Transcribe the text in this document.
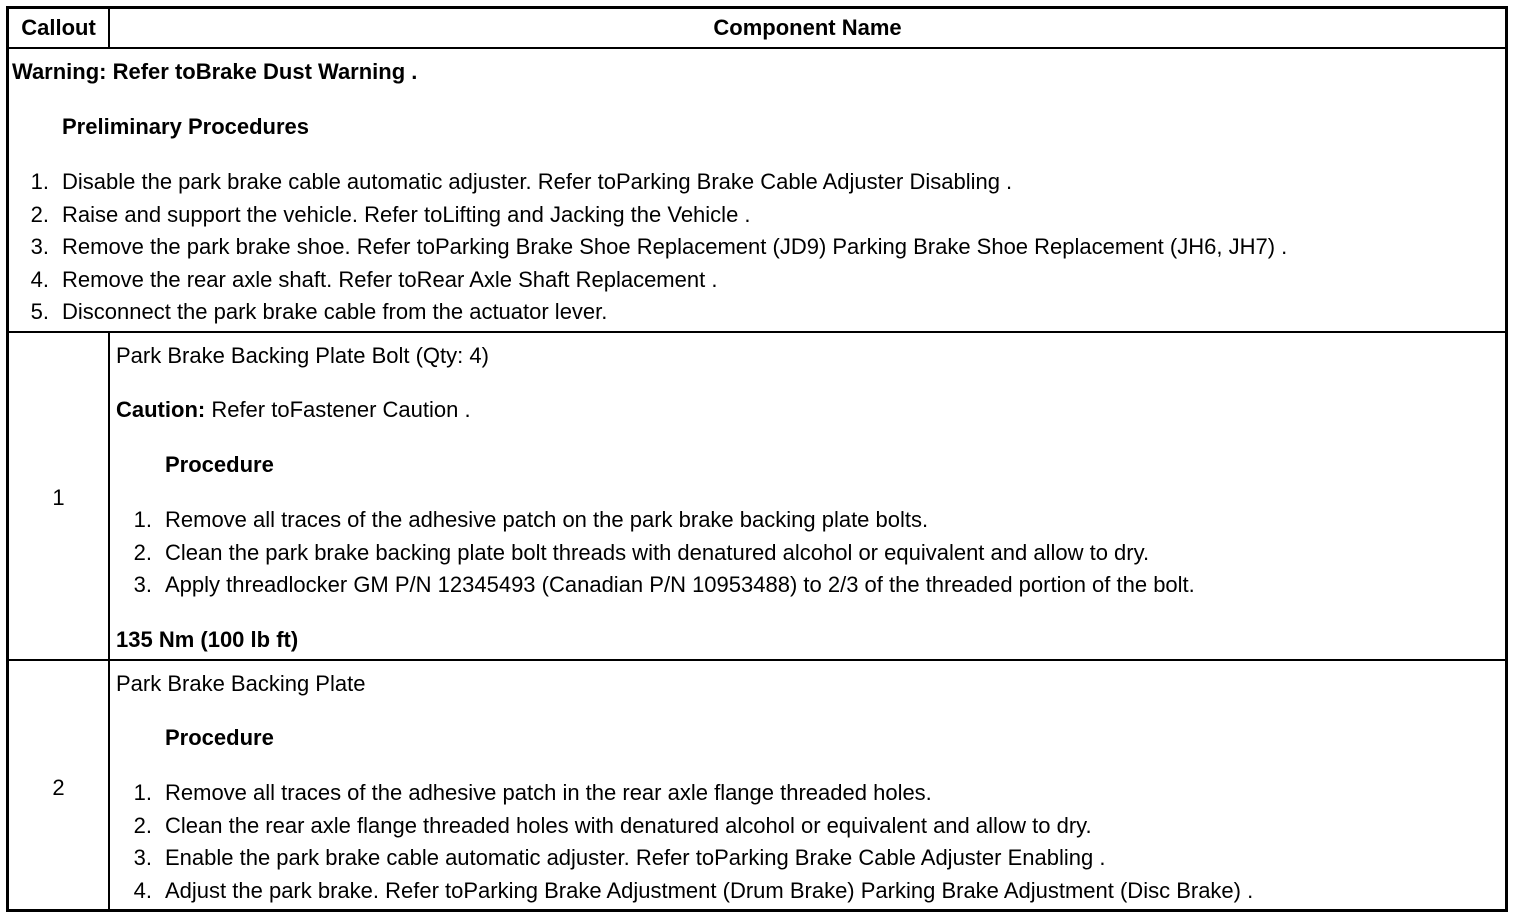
Callout	Component Name
Warning: Refer toBrake Dust Warning .
Preliminary Procedures
1. Disable the park brake cable automatic adjuster. Refer toParking Brake Cable Adjuster Disabling .
2. Raise and support the vehicle. Refer toLifting and Jacking the Vehicle .
3. Remove the park brake shoe. Refer toParking Brake Shoe Replacement (JD9) Parking Brake Shoe Replacement (JH6, JH7) .
4. Remove the rear axle shaft. Refer toRear Axle Shaft Replacement .
5. Disconnect the park brake cable from the actuator lever.
1
Park Brake Backing Plate Bolt (Qty: 4)
Caution: Refer toFastener Caution .
Procedure
1. Remove all traces of the adhesive patch on the park brake backing plate bolts.
2. Clean the park brake backing plate bolt threads with denatured alcohol or equivalent and allow to dry.
3. Apply threadlocker GM P/N 12345493 (Canadian P/N 10953488) to 2/3 of the threaded portion of the bolt.
135 Nm (100 lb ft)
2
Park Brake Backing Plate
Procedure
1. Remove all traces of the adhesive patch in the rear axle flange threaded holes.
2. Clean the rear axle flange threaded holes with denatured alcohol or equivalent and allow to dry.
3. Enable the park brake cable automatic adjuster. Refer toParking Brake Cable Adjuster Enabling .
4. Adjust the park brake. Refer toParking Brake Adjustment (Drum Brake) Parking Brake Adjustment (Disc Brake) .
